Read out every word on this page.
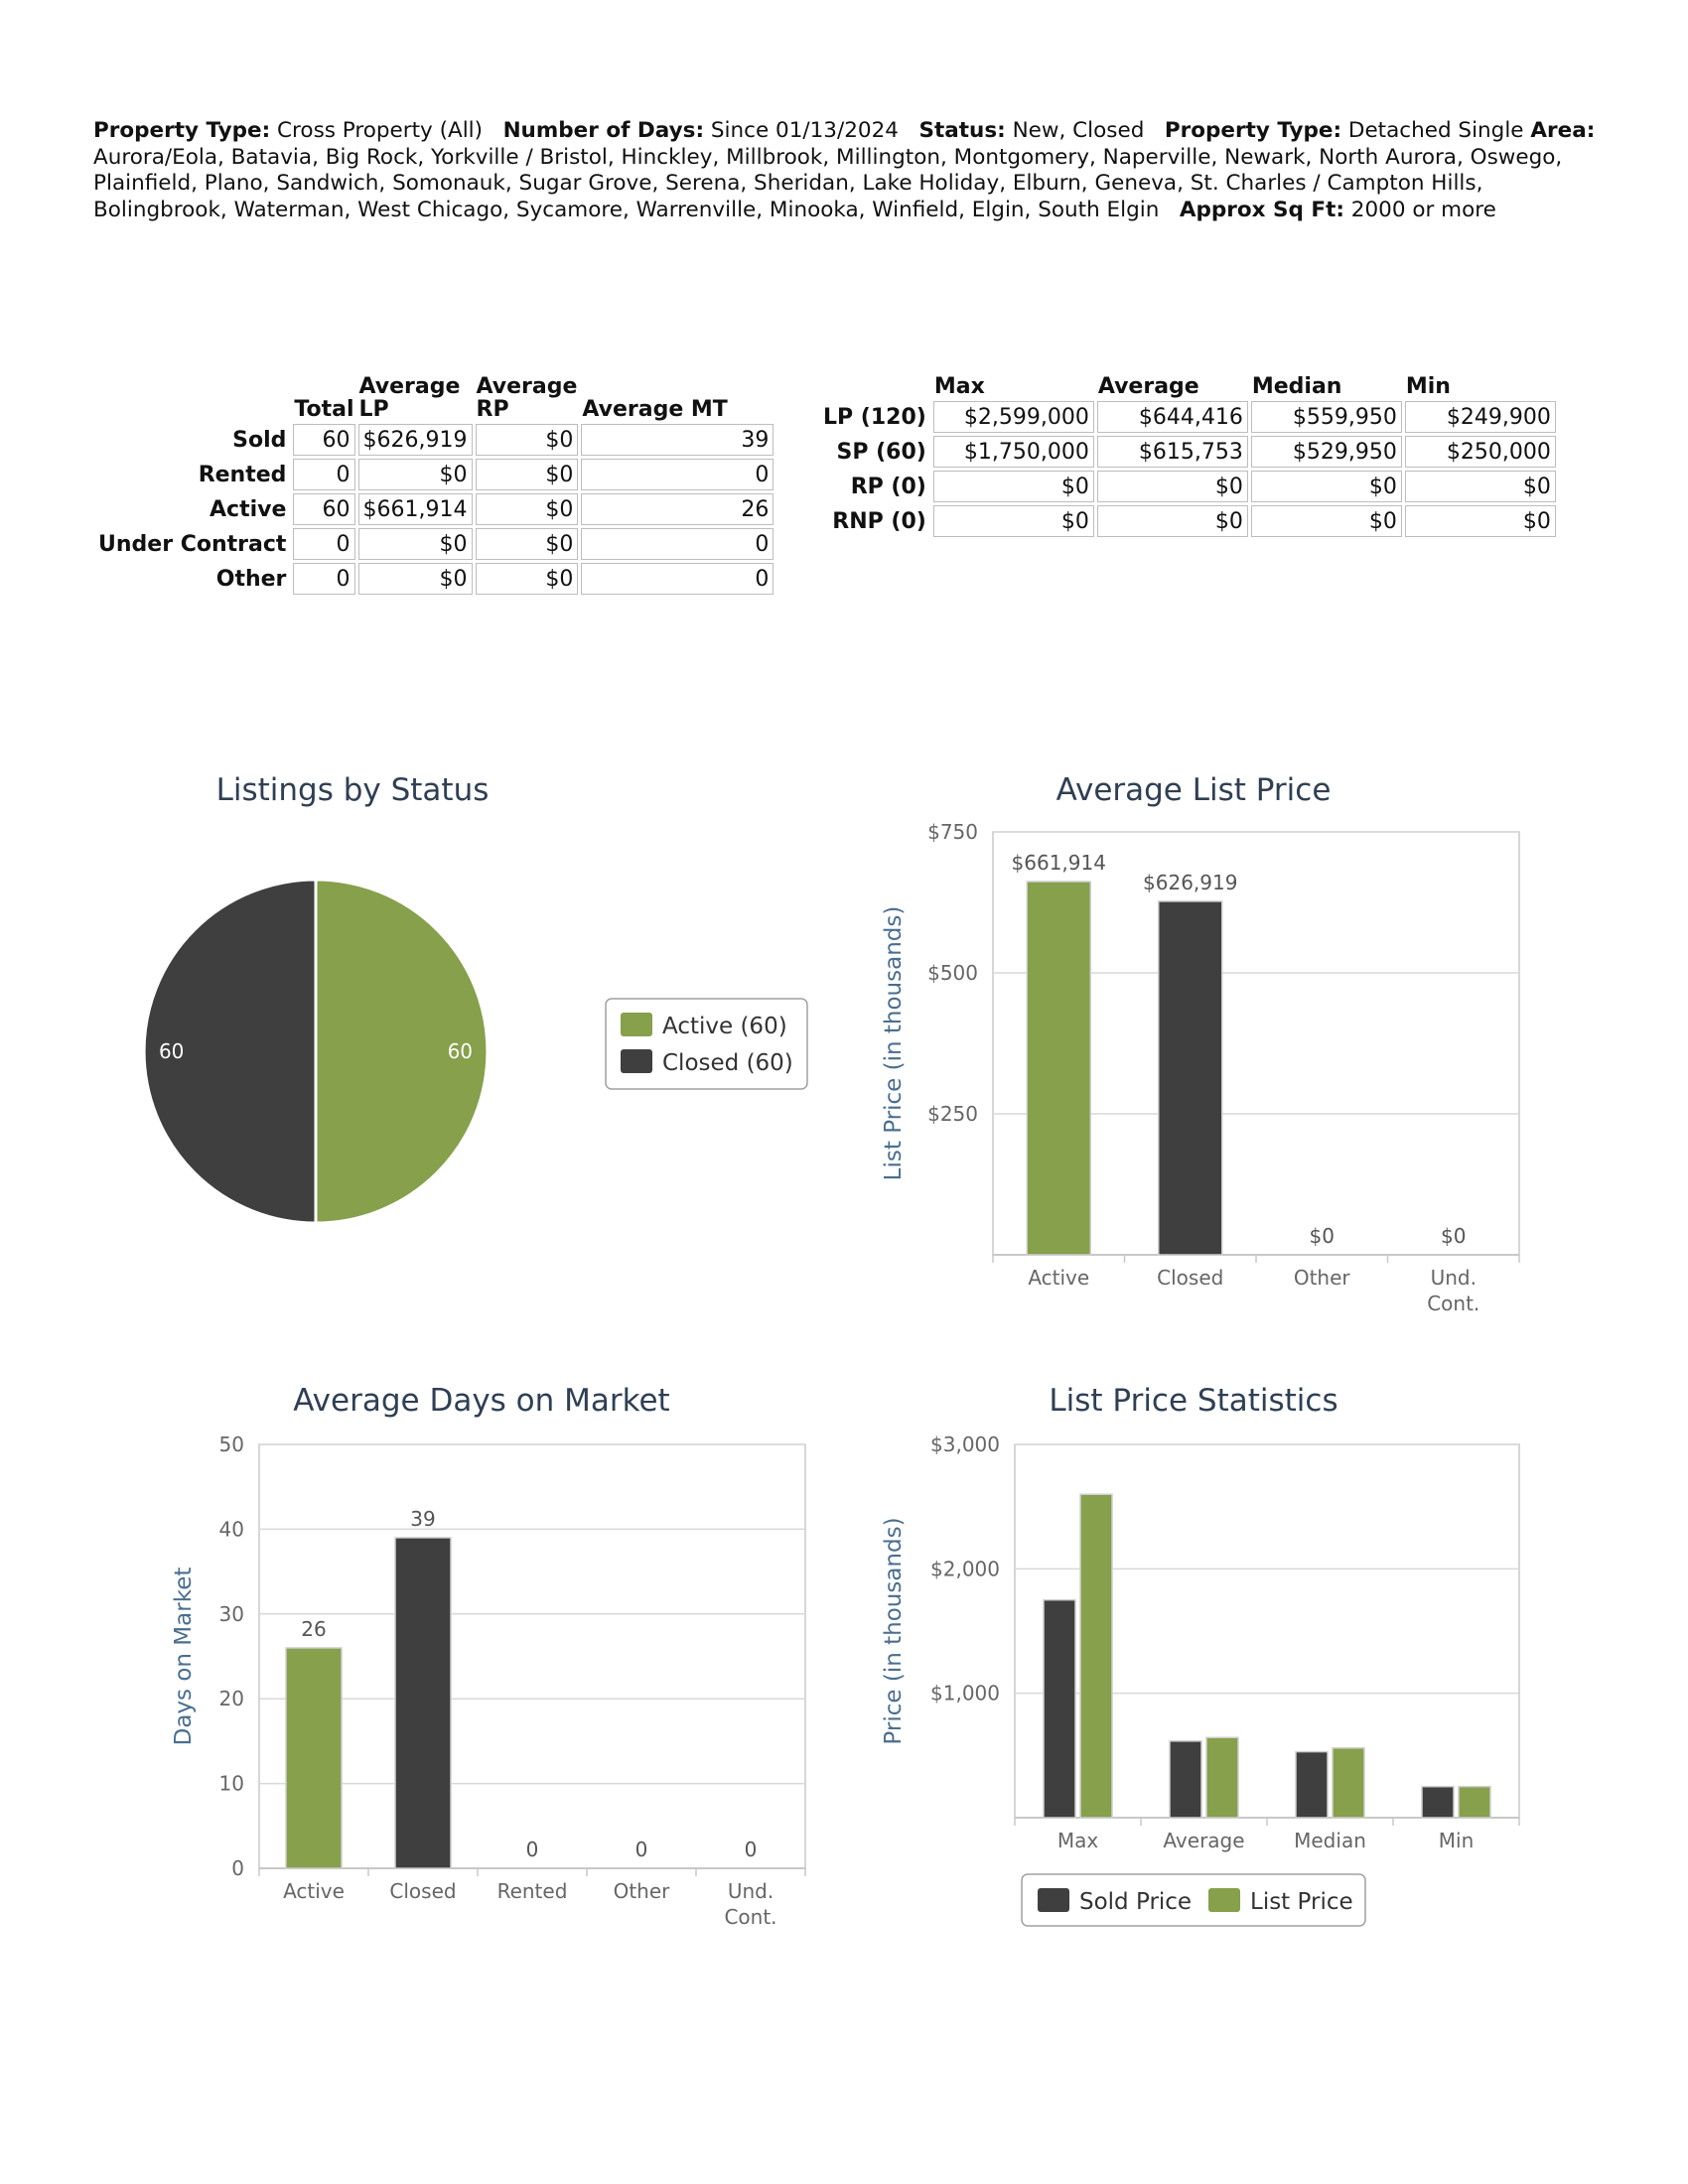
Property Type: Cross Property (All) Number of Days: Since 01/13/2024 Status: New, Closed Property Type: Detached Single Area: Aurora/Eola, Batavia, Big Rock, Yorkville / Bristol, Hinckley, Millbrook, Millington, Montgomery, Naperville, Newark, North Aurora, Oswego, Plainfield, Plano, Sandwich, Somonauk, Sugar Grove, Serena, Sheridan, Lake Holiday, Elburn, Geneva, St. Charles / Campton Hills, Bolingbrook, Waterman, West Chicago, Sycamore, Warrenville, Minooka, Winfield, Elgin, South Elgin Approx Sq Ft: 2000 or more
	Total	Average LP	Average RP	Average MT
Sold	60	$626,919	$0	39
Rented	0	$0	$0	0
Active	60	$661,914	$0	26
Under Contract	0	$0	$0	0
Other	0	$0	$0	0
	Max	Average	Median	Min
LP (120)	$2,599,000	$644,416	$559,950	$249,900
SP (60)	$1,750,000	$615,753	$529,950	$250,000
RP (0)	$0	$0	$0	$0
RNP (0)	$0	$0	$0	$0
Listings by Status
60
60
Active (60)
Closed (60)
Average List Price
$250
$500
$750
List Price (in thousands)
Active	Closed	Other	Und.
Cont.
$661,914
$626,919
$0	$0
Average Days on Market
0
10
20
30
40
50
Days on Market
Active Closed Rented Other	Und.
Cont.
26
39
0	0	0
List Price Statistics
$1,000
$2,000
$3,000
Price (in thousands)
Max	Average Median	Min
Sold Price	List Price
